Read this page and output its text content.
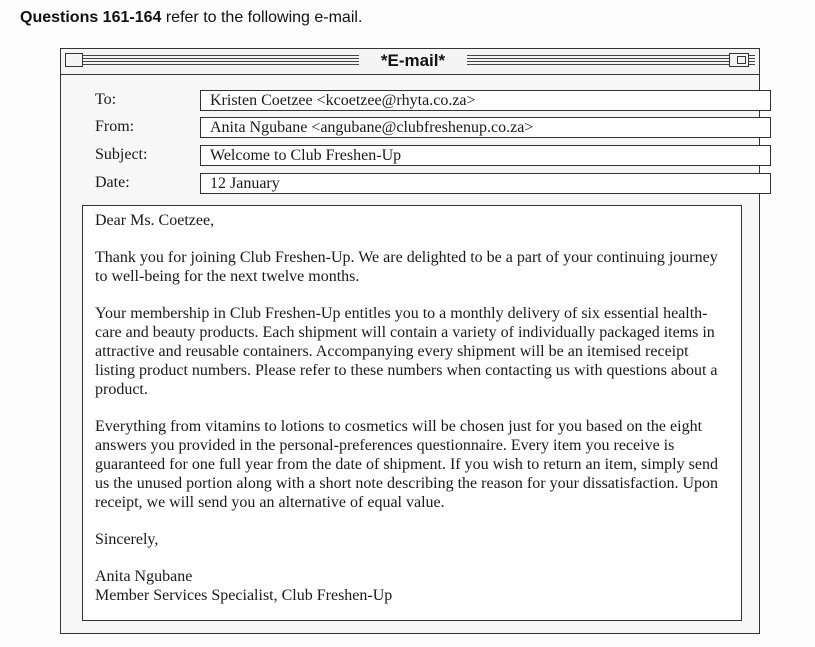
Questions 161-164 refer to the following e-mail.
*E-mail*
To:	Kristen Coetzee <kcoetzee@rhyta.co.za>
From:	Anita Ngubane <angubane@clubfreshenup.co.za>
Subject:	Welcome to Club Freshen-Up
Date:	12 January

Dear Ms. Coetzee,

Thank you for joining Club Freshen-Up. We are delighted to be a part of your continuing journey to well-being for the next twelve months.

Your membership in Club Freshen-Up entitles you to a monthly delivery of six essential health-care and beauty products. Each shipment will contain a variety of individually packaged items in attractive and reusable containers. Accompanying every shipment will be an itemised receipt listing product numbers. Please refer to these numbers when contacting us with questions about a product.

Everything from vitamins to lotions to cosmetics will be chosen just for you based on the eight answers you provided in the personal-preferences questionnaire. Every item you receive is guaranteed for one full year from the date of shipment. If you wish to return an item, simply send us the unused portion along with a short note describing the reason for your dissatisfaction. Upon receipt, we will send you an alternative of equal value.

Sincerely,

Anita Ngubane

Member Services Specialist, Club Freshen-Up
